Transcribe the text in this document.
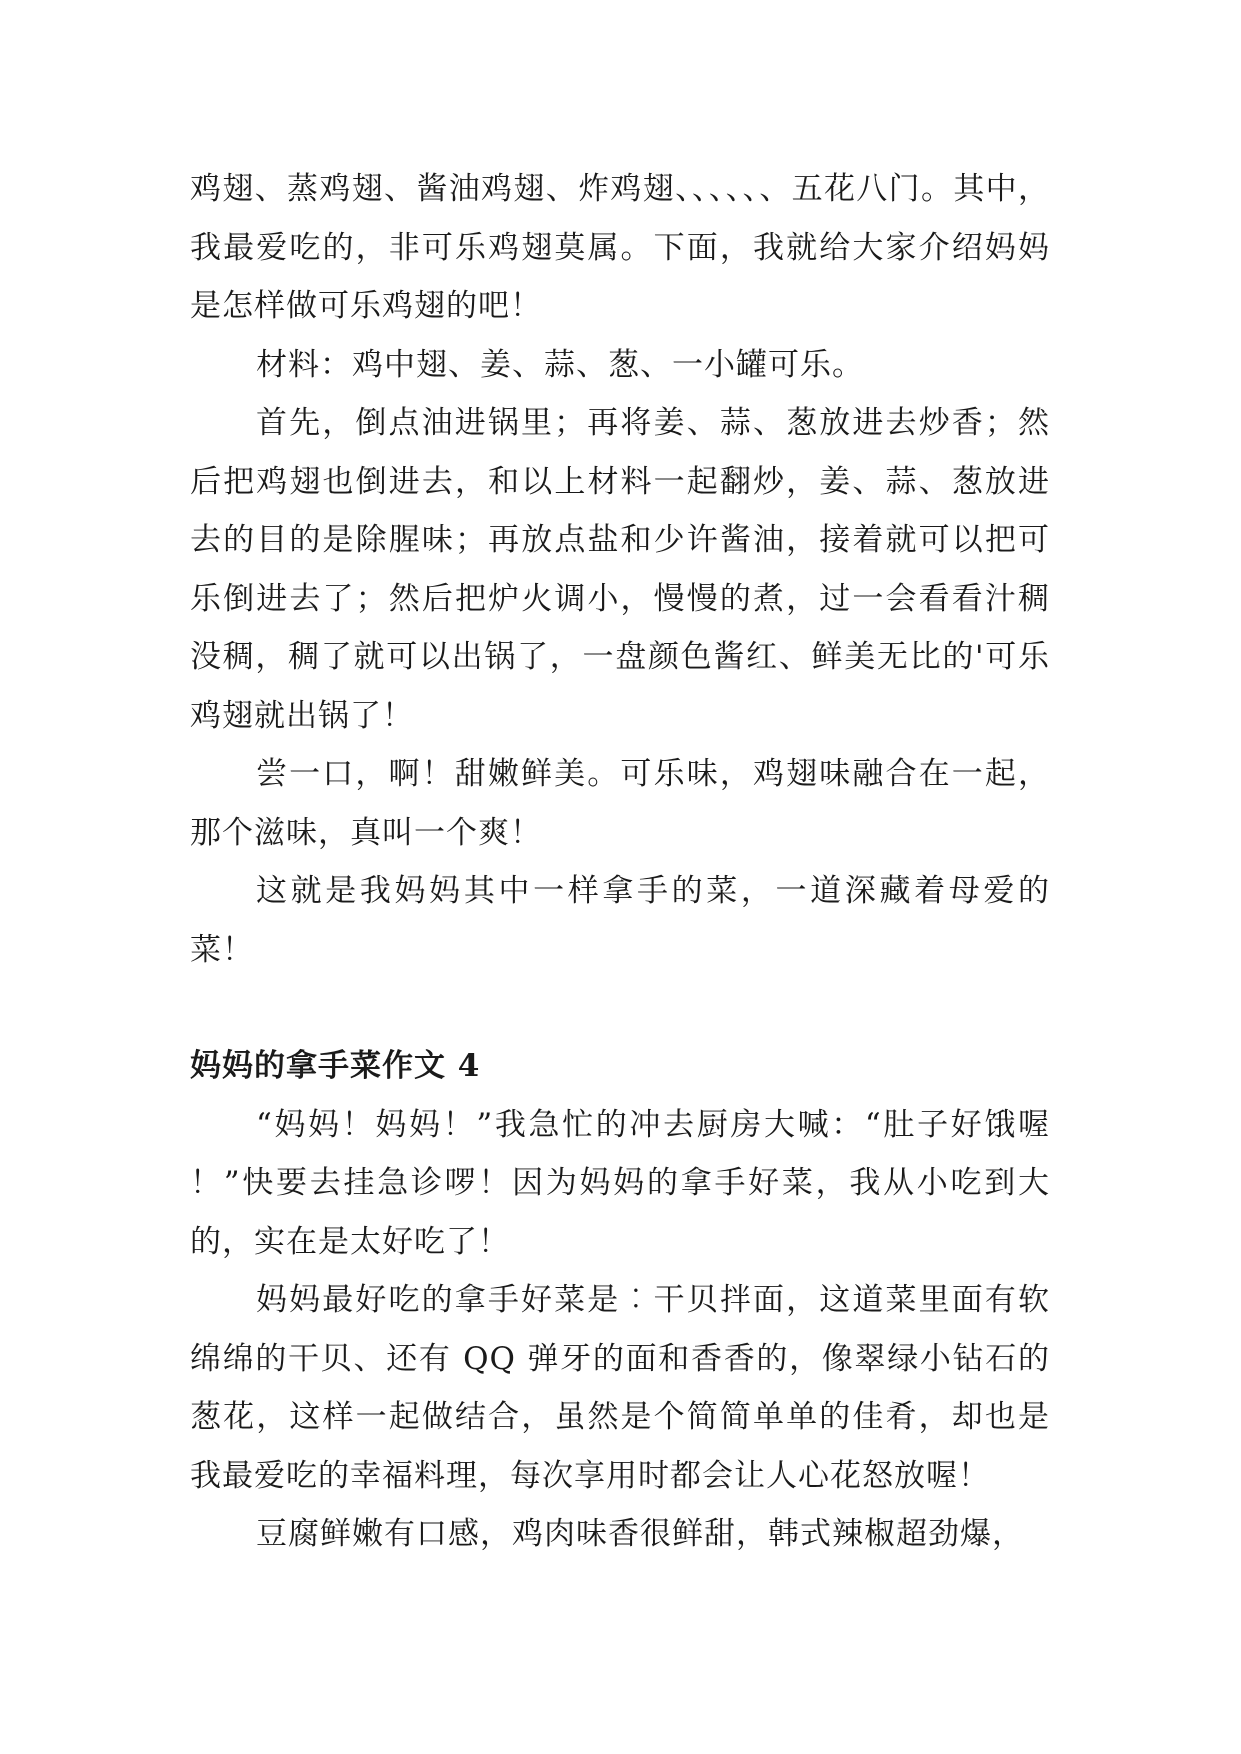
鸡翅、蒸鸡翅、酱油鸡翅、炸鸡翅、、、、、、五花八门。其中，我最爱吃的，非可乐鸡翅莫属。下面，我就给大家介绍妈妈是怎样做可乐鸡翅的吧！

材料：鸡中翅、姜、蒜、葱、一小罐可乐。

首先，倒点油进锅里；再将姜、蒜、葱放进去炒香；然后把鸡翅也倒进去，和以上材料一起翻炒，姜、蒜、葱放进去的目的是除腥味；再放点盐和少许酱油，接着就可以把可乐倒进去了；然后把炉火调小，慢慢的煮，过一会看看汁稠没稠，稠了就可以出锅了，一盘颜色酱红、鲜美无比的'可乐鸡翅就出锅了！

尝一口，啊！甜嫩鲜美。可乐味，鸡翅味融合在一起，那个滋味，真叫一个爽！

这就是我妈妈其中一样拿手的菜，一道深藏着母爱的菜！

妈妈的拿手菜作文 4

“妈妈！妈妈！”我急忙的冲去厨房大喊：“肚子好饿喔 ！”快要去挂急诊啰！因为妈妈的拿手好菜，我从小吃到大的，实在是太好吃了！

妈妈最好吃的拿手好菜是︰干贝拌面，这道菜里面有软绵绵的干贝、还有 QQ 弹牙的面和香香的，像翠绿小钻石的葱花，这样一起做结合，虽然是个简简单单的佳肴，却也是我最爱吃的幸福料理，每次享用时都会让人心花怒放喔！

豆腐鲜嫩有口感，鸡肉味香很鲜甜，韩式辣椒超劲爆，
